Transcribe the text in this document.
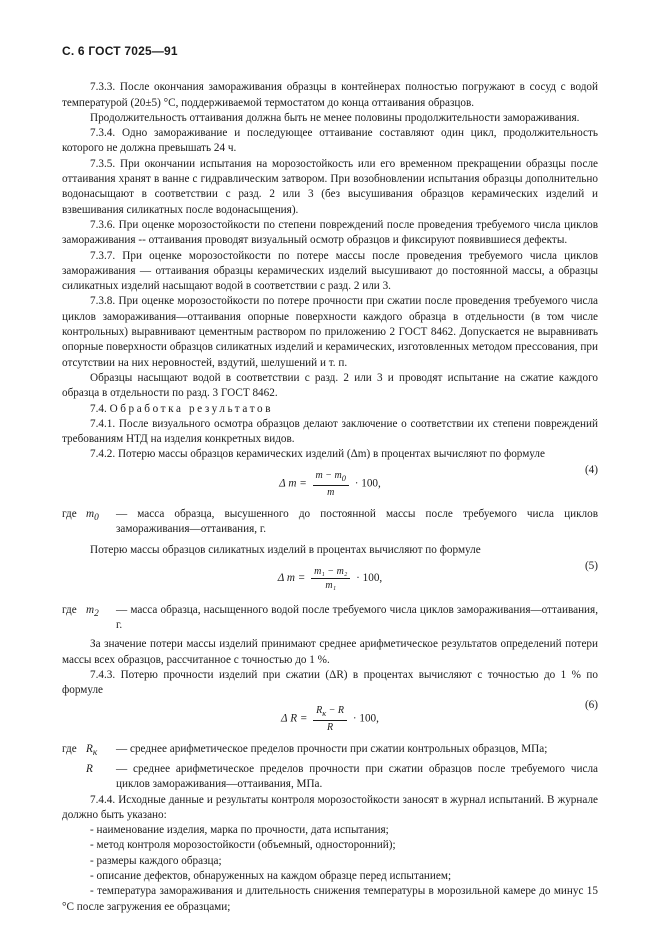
С. 6 ГОСТ 7025—91

7.3.3. После окончания замораживания образцы в контейнерах полностью погружают в сосуд с водой температурой (20±5) °С, поддерживаемой термостатом до конца оттаивания образцов.

Продолжительность оттаивания должна быть не менее половины продолжительности замораживания.

7.3.4. Одно замораживание и последующее оттаивание составляют один цикл, продолжительность которого не должна превышать 24 ч.

7.3.5. При окончании испытания на морозостойкость или его временном прекращении образцы после оттаивания хранят в ванне с гидравлическим затвором. При возобновлении испытания образцы дополнительно водонасыщают в соответствии с разд. 2 или 3 (без высушивания образцов керамических изделий и взвешивания силикатных после водонасыщения).

7.3.6. При оценке морозостойкости по степени повреждений после проведения требуемого числа циклов замораживания -- оттаивания проводят визуальный осмотр образцов и фиксируют появившиеся дефекты.

7.3.7. При оценке морозостойкости по потере массы после проведения требуемого числа циклов замораживания — оттаивания образцы керамических изделий высушивают до постоянной массы, а образцы силикатных изделий насыщают водой в соответствии с разд. 2 или 3.

7.3.8. При оценке морозостойкости по потере прочности при сжатии после проведения требуемого числа циклов замораживания—оттаивания опорные поверхности каждого образца в отдельности (в том числе контрольных) выравнивают цементным раствором по приложению 2 ГОСТ 8462. Допускается не выравнивать опорные поверхности образцов силикатных изделий и керамических, изготовленных методом прессования, при отсутствии на них неровностей, вздутий, шелушений и т. п.

Образцы насыщают водой в соответствии с разд. 2 или 3 и проводят испытание на сжатие каждого образца в отдельности по разд. 3 ГОСТ 8462.

7.4. Обработка результатов

7.4.1. После визуального осмотра образцов делают заключение о соответствии их степени повреждений требованиям НТД на изделия конкретных видов.

7.4.2. Потерю массы образцов керамических изделий (Δm) в процентах вычисляют по формуле

Δ $m = \frac{m - m_0}{m} \cdot 100$,
(4)
где $m_0$	— масса образца, высушенного до постоянной массы после требуемого числа циклов замораживания—оттаивания, г.

Потерю массы образцов силикатных изделий в процентах вычисляют по формуле

Δ $m = \frac{\text{m₁ − m₂}}{\text{m₁}} \cdot 100$,
(5)
где $m_2$	— масса образца, насыщенного водой после требуемого числа циклов замораживания—оттаивания, г.

За значение потери массы изделий принимают среднее арифметическое результатов определений потери массы всех образцов, рассчитанное с точностью до 1 %.

7.4.3. Потерю прочности изделий при сжатии (ΔR) в процентах вычисляют с точностью до 1 % по формуле

Δ $R = \frac{R_к - R}{R} \cdot 100$,
(6)
где $R_к$	— среднее арифметическое пределов прочности при сжатии контрольных образцов, МПа;
R	— среднее арифметическое пределов прочности при сжатии образцов после требуемого числа циклов замораживания—оттаивания, МПа.

7.4.4. Исходные данные и результаты контроля морозостойкости заносят в журнал испытаний. В журнале должно быть указано:

- наименование изделия, марка по прочности, дата испытания;

- метод контроля морозостойкости (объемный, односторонний);

- размеры каждого образца;

- описание дефектов, обнаруженных на каждом образце перед испытанием;

- температура замораживания и длительность снижения температуры в морозильной камере до минус 15 °С после загружения ее образцами;
